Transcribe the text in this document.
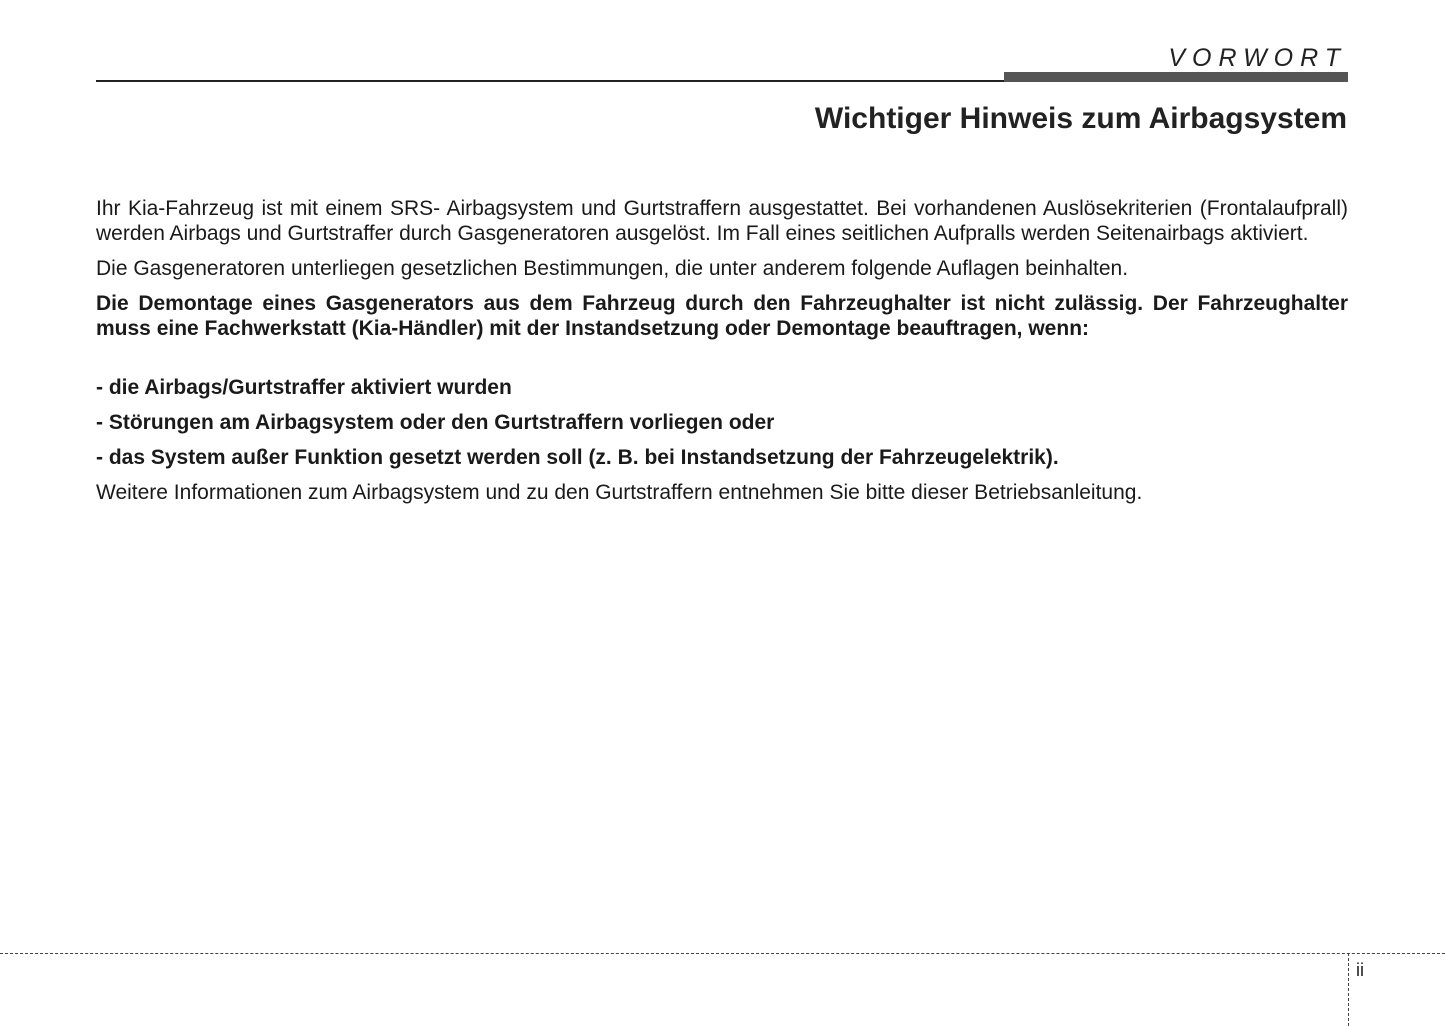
VORWORT
Wichtiger Hinweis zum Airbagsystem

Ihr Kia-Fahrzeug ist mit einem SRS- Airbagsystem und Gurtstraffern ausgestattet. Bei vorhandenen Auslösekriterien (Frontalaufprall) werden Airbags und Gurtstraffer durch Gasgeneratoren ausgelöst. Im Fall eines seitlichen Aufpralls werden Seitenairbags aktiviert.

Die Gasgeneratoren unterliegen gesetzlichen Bestimmungen, die unter anderem folgende Auflagen beinhalten.

Die Demontage eines Gasgenerators aus dem Fahrzeug durch den Fahrzeughalter ist nicht zulässig. Der Fahrzeughalter muss eine Fachwerkstatt (Kia-Händler) mit der Instandsetzung oder Demontage beauftragen, wenn:

- die Airbags/Gurtstraffer aktiviert wurden
- Störungen am Airbagsystem oder den Gurtstraffern vorliegen oder
- das System außer Funktion gesetzt werden soll (z. B. bei Instandsetzung der Fahrzeugelektrik).

Weitere Informationen zum Airbagsystem und zu den Gurtstraffern entnehmen Sie bitte dieser Betriebsanleitung.

ii
